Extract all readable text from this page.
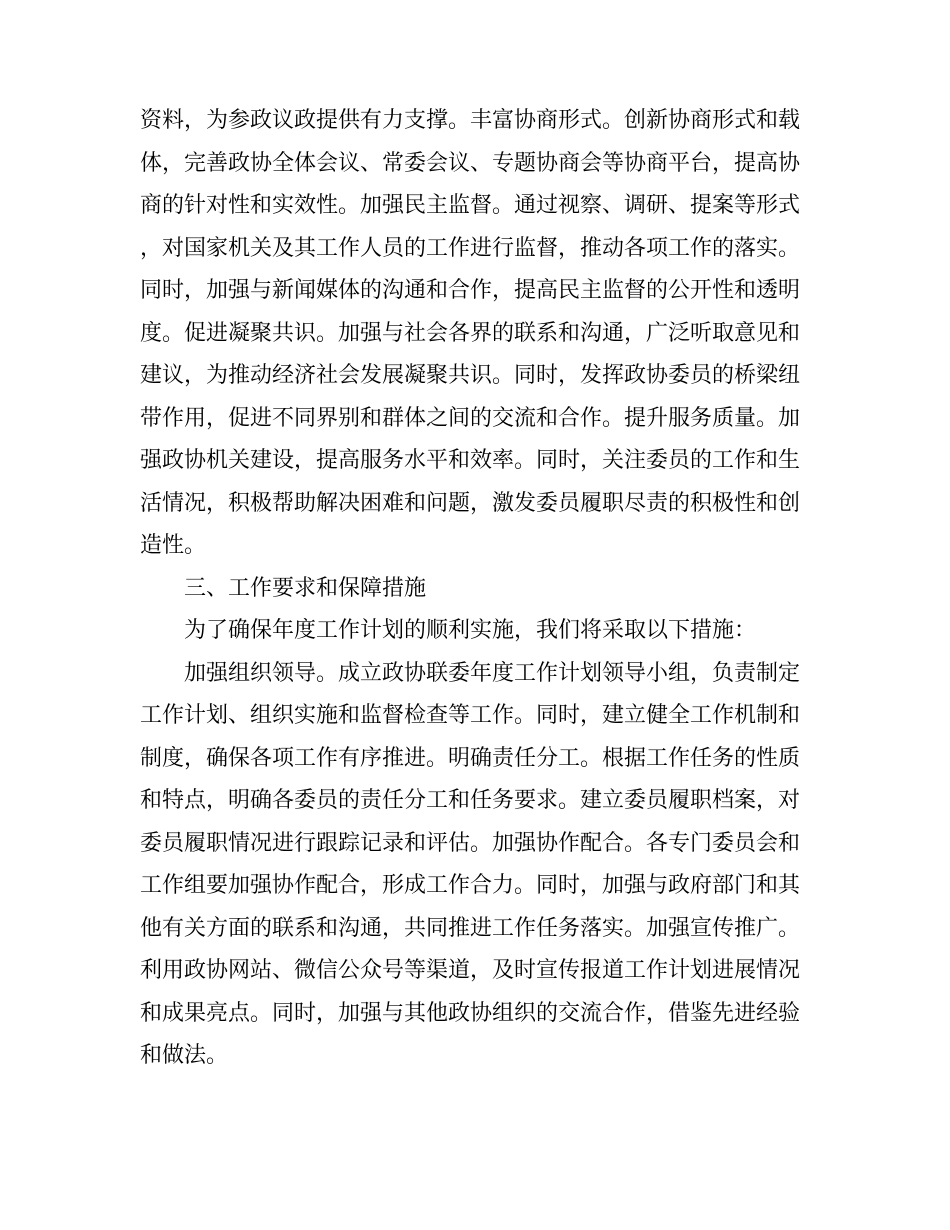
资料，为参政议政提供有力支撑。丰富协商形式。创新协商形式和载体，完善政协全体会议、常委会议、专题协商会等协商平台，提高协商的针对性和实效性。加强民主监督。通过视察、调研、提案等形式，对国家机关及其工作人员的工作进行监督，推动各项工作的落实。同时，加强与新闻媒体的沟通和合作，提高民主监督的公开性和透明度。促进凝聚共识。加强与社会各界的联系和沟通，广泛听取意见和建议，为推动经济社会发展凝聚共识。同时，发挥政协委员的桥梁纽带作用，促进不同界别和群体之间的交流和合作。提升服务质量。加强政协机关建设，提高服务水平和效率。同时，关注委员的工作和生活情况，积极帮助解决困难和问题，激发委员履职尽责的积极性和创造性。

三、工作要求和保障措施

为了确保年度工作计划的顺利实施，我们将采取以下措施：

加强组织领导。成立政协联委年度工作计划领导小组，负责制定工作计划、组织实施和监督检查等工作。同时，建立健全工作机制和制度，确保各项工作有序推进。明确责任分工。根据工作任务的性质和特点，明确各委员的责任分工和任务要求。建立委员履职档案，对委员履职情况进行跟踪记录和评估。加强协作配合。各专门委员会和工作组要加强协作配合，形成工作合力。同时，加强与政府部门和其他有关方面的联系和沟通，共同推进工作任务落实。加强宣传推广。利用政协网站、微信公众号等渠道，及时宣传报道工作计划进展情况和成果亮点。同时，加强与其他政协组织的交流合作，借鉴先进经验和做法。
